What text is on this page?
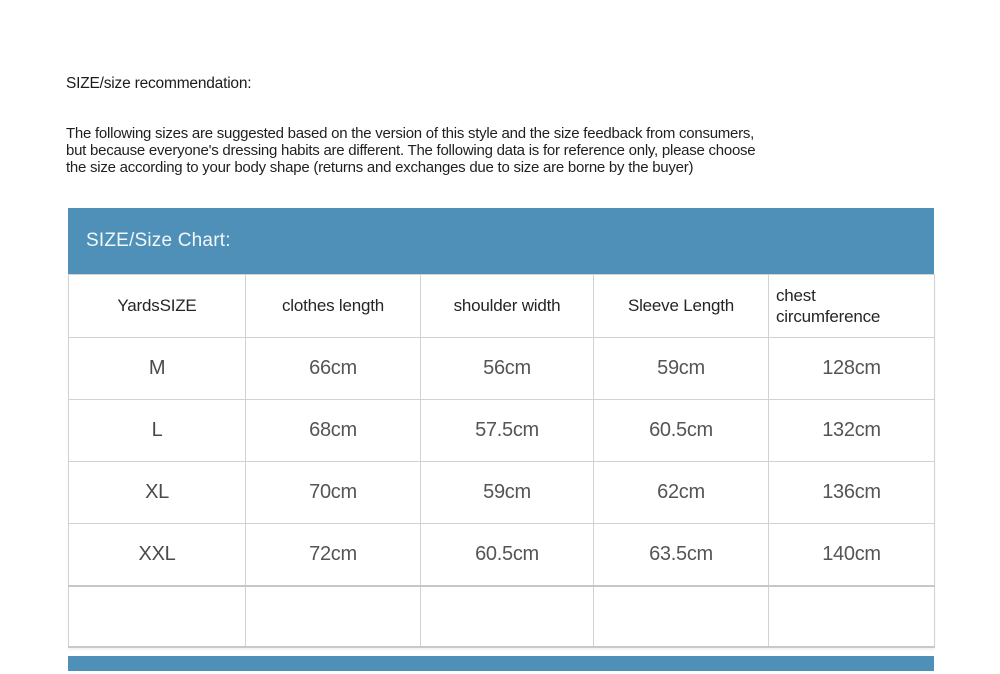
SIZE/size recommendation:
The following sizes are suggested based on the version of this style and the size feedback from consumers,
but because everyone's dressing habits are different. The following data is for reference only, please choose
the size according to your body shape (returns and exchanges due to size are borne by the buyer)
SIZE/Size Chart:
YardsSIZE	clothes length	shoulder width	Sleeve Length	chest circumference
M	66cm	56cm	59cm	128cm
L	68cm	57.5cm	60.5cm	132cm
XL	70cm	59cm	62cm	136cm
XXL	72cm	60.5cm	63.5cm	140cm
